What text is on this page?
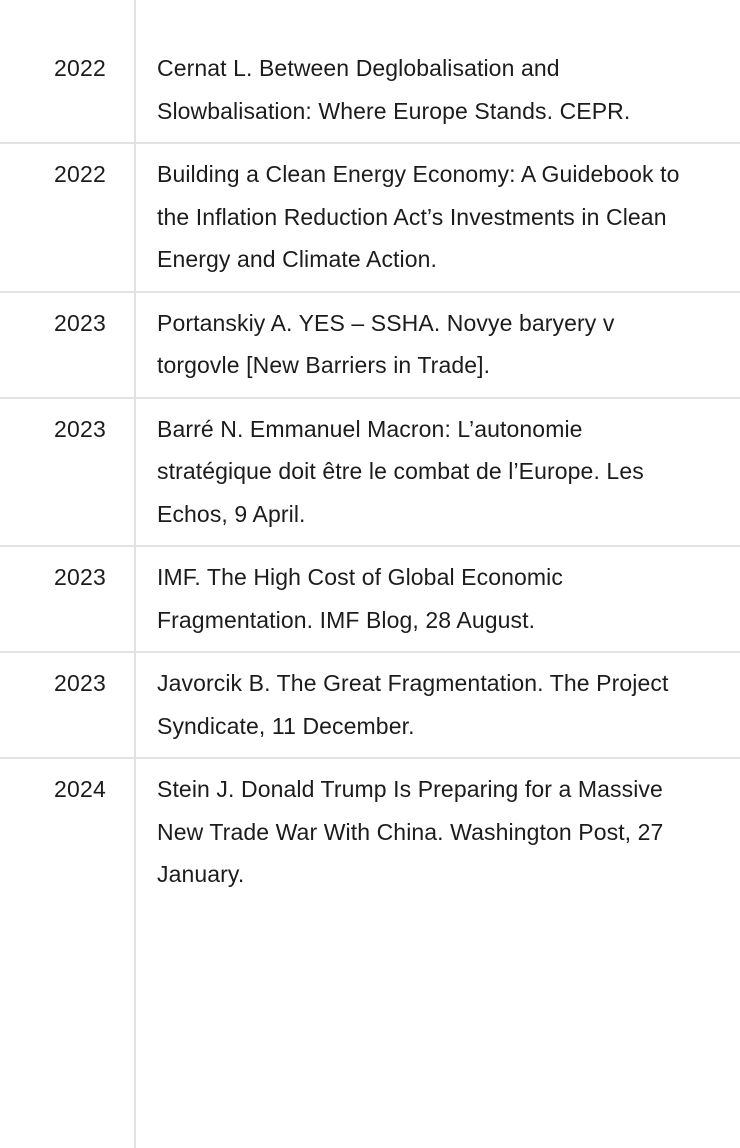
2022	Cernat L. Between Deglobalisation and Slowbalisation: Where Europe Stands. CEPR.
2022	Building a Clean Energy Economy: A Guidebook to the Inflation Reduction Act’s Investments in Clean Energy and Climate Action.
2023	Portanskiy A. YES – SSHA. Novye baryery v torgovle [New Barriers in Trade].
2023	Barré N. Emmanuel Macron: L’autonomie stratégique doit être le combat de l’Europe. Les Echos, 9 April.
2023	IMF. The High Cost of Global Economic Fragmentation. IMF Blog, 28 August.
2023	Javorcik B. The Great Fragmentation. The Project Syndicate, 11 December.
2024	Stein J. Donald Trump Is Preparing for a Massive New Trade War With China. Washington Post, 27 January.
